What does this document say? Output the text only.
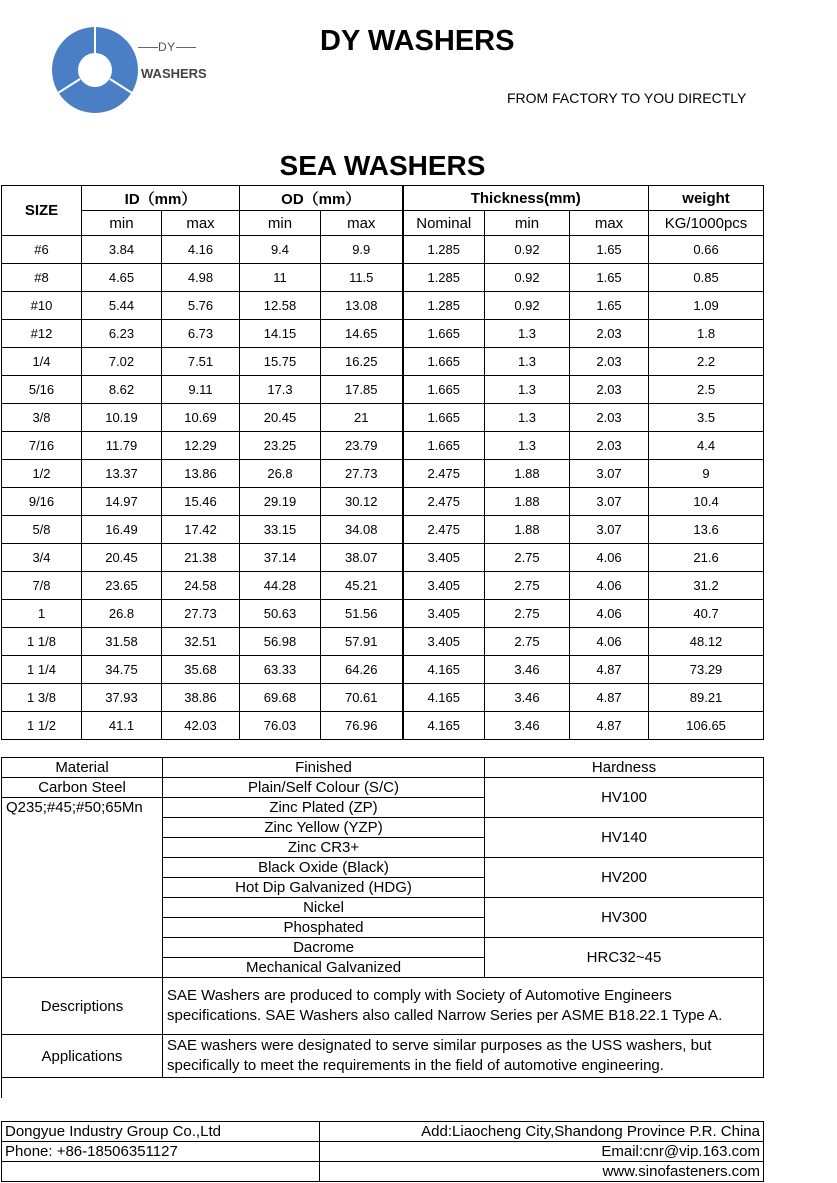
DY
WASHERS
DY WASHERS
FROM FACTORY TO YOU DIRECTLY
SEA WASHERS
SIZE	ID（mm）		OD（mm）		Thickness(mm)			weight
	min	max	min	max	Nominal	min	max	KG/1000pcs
#6	3.84	4.16	9.4	9.9	1.285	0.92	1.65	0.66
#8	4.65	4.98	11	11.5	1.285	0.92	1.65	0.85
#10	5.44	5.76	12.58	13.08	1.285	0.92	1.65	1.09
#12	6.23	6.73	14.15	14.65	1.665	1.3	2.03	1.8
1/4	7.02	7.51	15.75	16.25	1.665	1.3	2.03	2.2
5/16	8.62	9.11	17.3	17.85	1.665	1.3	2.03	2.5
3/8	10.19	10.69	20.45	21	1.665	1.3	2.03	3.5
7/16	11.79	12.29	23.25	23.79	1.665	1.3	2.03	4.4
1/2	13.37	13.86	26.8	27.73	2.475	1.88	3.07	9
9/16	14.97	15.46	29.19	30.12	2.475	1.88	3.07	10.4
5/8	16.49	17.42	33.15	34.08	2.475	1.88	3.07	13.6
3/4	20.45	21.38	37.14	38.07	3.405	2.75	4.06	21.6
7/8	23.65	24.58	44.28	45.21	3.405	2.75	4.06	31.2
1	26.8	27.73	50.63	51.56	3.405	2.75	4.06	40.7
1 1/8	31.58	32.51	56.98	57.91	3.405	2.75	4.06	48.12
1 1/4	34.75	35.68	63.33	64.26	4.165	3.46	4.87	73.29
1 3/8	37.93	38.86	69.68	70.61	4.165	3.46	4.87	89.21
1 1/2	41.1	42.03	76.03	76.96	4.165	3.46	4.87	106.65
Material	Finished	Hardness
Carbon Steel	Plain/Self Colour (S/C)	HV100
Q235;#45;#50;65Mn	Zinc Plated (ZP)	
	Zinc Yellow (YZP)	HV140
	Zinc CR3+	
	Black Oxide (Black)	HV200
	Hot Dip Galvanized (HDG)	
	Nickel	HV300
	Phosphated	
	Dacrome	HRC32~45
	Mechanical Galvanized	
Descriptions	SAE Washers are produced to comply with Society of Automotive Engineers specifications. SAE Washers also called Narrow Series per ASME B18.22.1 Type A.	
Applications	SAE washers were designated to serve similar purposes as the USS washers, but specifically to meet the requirements in the field of automotive engineering.	

Dongyue Industry Group Co.,Ltd	Add:Liaocheng City,Shandong Province P.R. China
Phone: +86-18506351127	Email:cnr@vip.163.com
	www.sinofasteners.com
